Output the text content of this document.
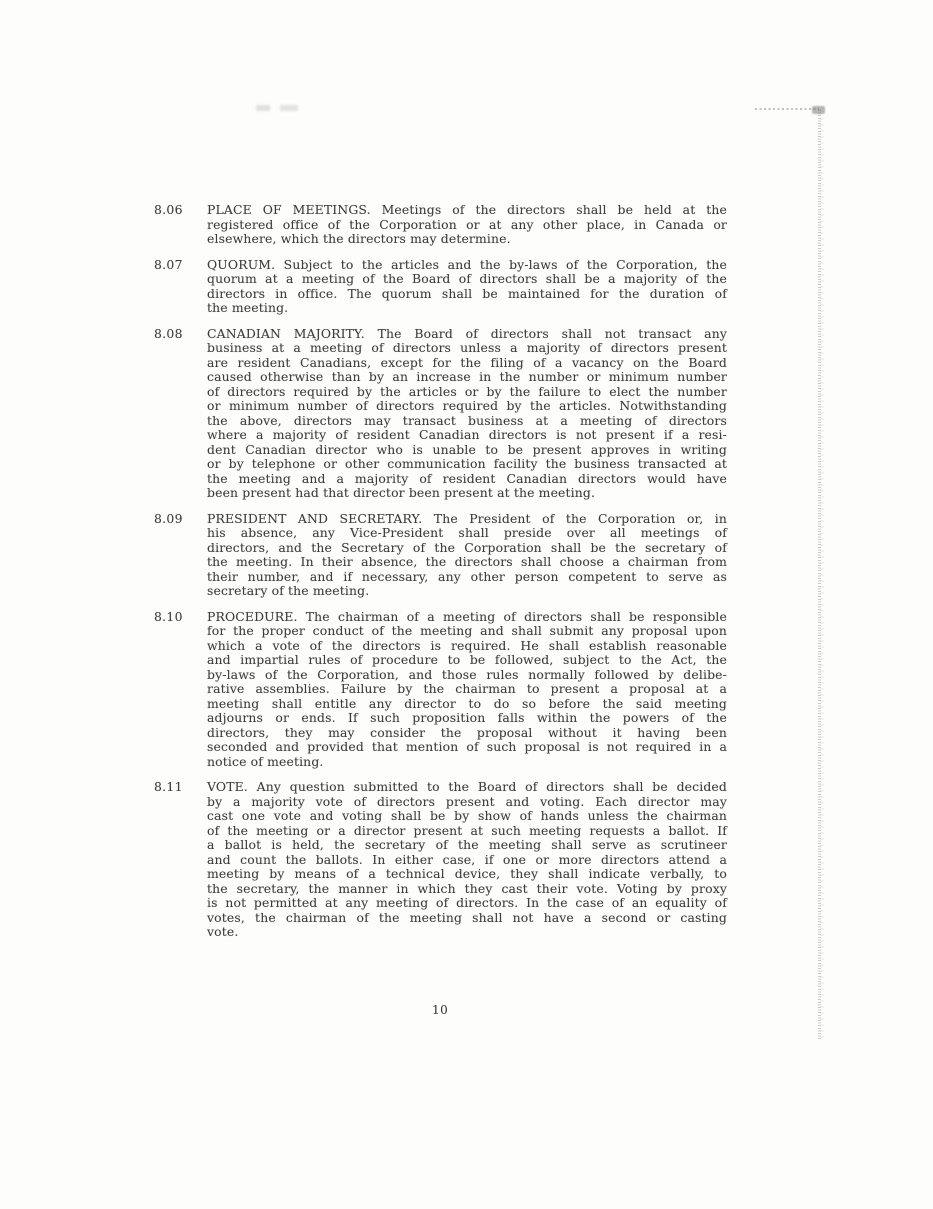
8.06	PLACE OF MEETINGS. Meetings of the directors shall be held at the
registered office of the Corporation or at any other place, in Canada or
elsewhere, which the directors may determine.
8.07	QUORUM. Subject to the articles and the by-laws of the Corporation, the
quorum at a meeting of the Board of directors shall be a majority of the
directors in office. The quorum shall be maintained for the duration of
the meeting.
8.08	CANADIAN MAJORITY. The Board of directors shall not transact any
business at a meeting of directors unless a majority of directors present
are resident Canadians, except for the filing of a vacancy on the Board
caused otherwise than by an increase in the number or minimum number
of directors required by the articles or by the failure to elect the number
or minimum number of directors required by the articles. Notwithstanding
the above, directors may transact business at a meeting of directors
where a majority of resident Canadian directors is not present if a resi-
dent Canadian director who is unable to be present approves in writing
or by telephone or other communication facility the business transacted at
the meeting and a majority of resident Canadian directors would have
been present had that director been present at the meeting.
8.09	PRESIDENT AND SECRETARY. The President of the Corporation or, in
his absence, any Vice-President shall preside over all meetings of
directors, and the Secretary of the Corporation shall be the secretary of
the meeting. In their absence, the directors shall choose a chairman from
their number, and if necessary, any other person competent to serve as
secretary of the meeting.
8.10	PROCEDURE. The chairman of a meeting of directors shall be responsible
for the proper conduct of the meeting and shall submit any proposal upon
which a vote of the directors is required. He shall establish reasonable
and impartial rules of procedure to be followed, subject to the Act, the
by-laws of the Corporation, and those rules normally followed by delibe-
rative assemblies. Failure by the chairman to present a proposal at a
meeting shall entitle any director to do so before the said meeting
adjourns or ends. If such proposition falls within the powers of the
directors, they may consider the proposal without it having been
seconded and provided that mention of such proposal is not required in a
notice of meeting.
8.11	VOTE. Any question submitted to the Board of directors shall be decided
by a majority vote of directors present and voting. Each director may
cast one vote and voting shall be by show of hands unless the chairman
of the meeting or a director present at such meeting requests a ballot. If
a ballot is held, the secretary of the meeting shall serve as scrutineer
and count the ballots. In either case, if one or more directors attend a
meeting by means of a technical device, they shall indicate verbally, to
the secretary, the manner in which they cast their vote. Voting by proxy
is not permitted at any meeting of directors. In the case of an equality of
votes, the chairman of the meeting shall not have a second or casting
vote.
10
